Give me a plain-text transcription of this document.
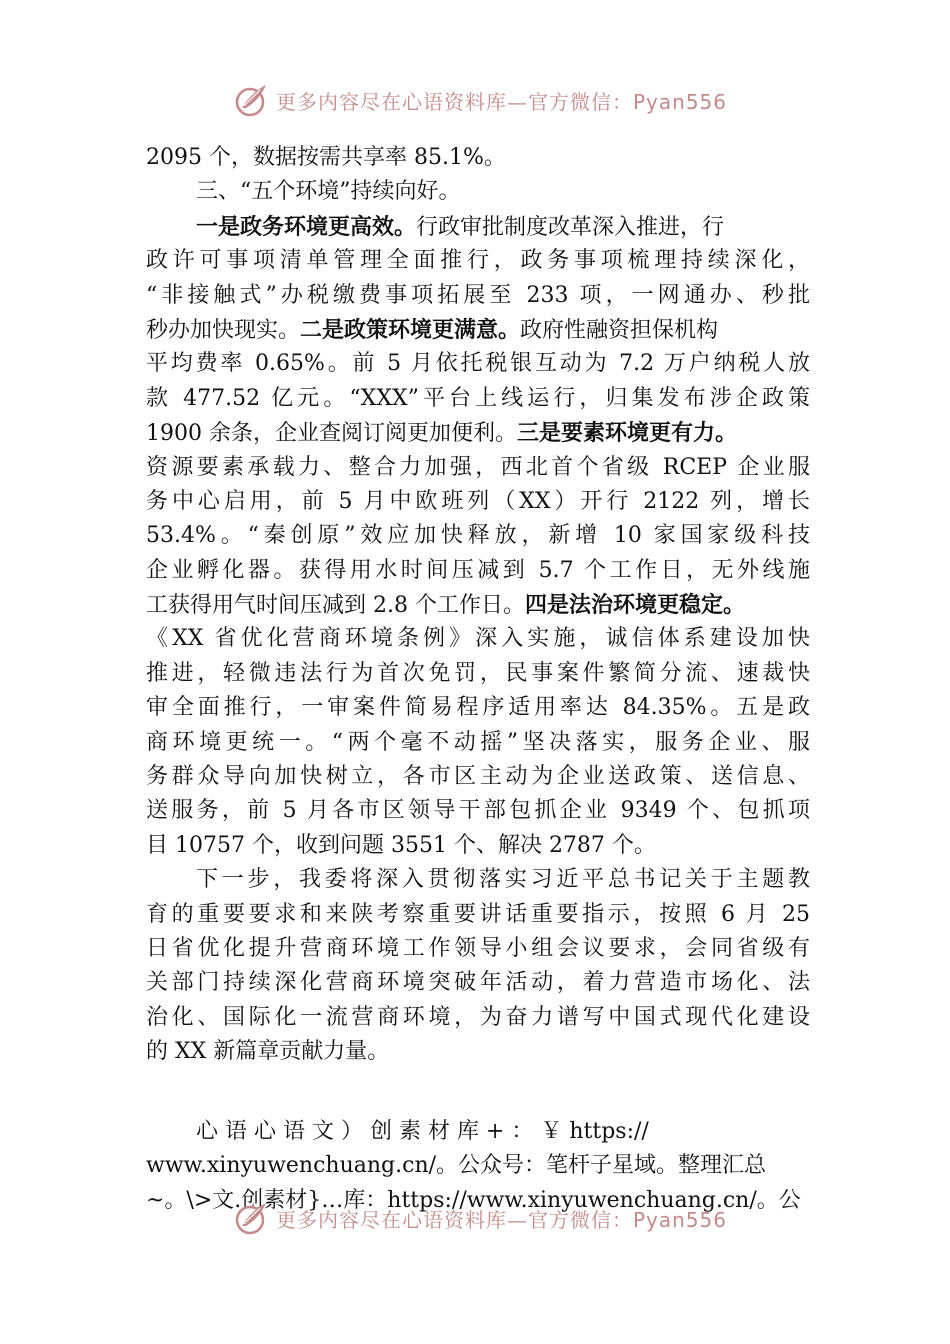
更多内容尽在心语资料库—官方微信：Pyan556
2095 个，数据按需共享率 85.1%。
三、“五个环境”持续向好。
一是政务环境更高效。行政审批制度改革深入推进，行
政许可事项清单管理全面推行，政务事项梳理持续深化，
“非接触式”办税缴费事项拓展至 233 项，一网通办、秒批
秒办加快现实。二是政策环境更满意。政府性融资担保机构
平均费率 0.65%。前 5 月依托税银互动为 7.2 万户纳税人放
款 477.52 亿元。“XXX”平台上线运行，归集发布涉企政策
1900 余条，企业查阅订阅更加便利。三是要素环境更有力。
资源要素承载力、整合力加强，西北首个省级 RCEP 企业服
务中心启用，前 5 月中欧班列（XX）开行 2122 列，增长
53.4%。“秦创原”效应加快释放，新增 10 家国家级科技
企业孵化器。获得用水时间压减到 5.7 个工作日，无外线施
工获得用气时间压减到 2.8 个工作日。四是法治环境更稳定。
《XX 省优化营商环境条例》深入实施，诚信体系建设加快
推进，轻微违法行为首次免罚，民事案件繁简分流、速裁快
审全面推行，一审案件简易程序适用率达 84.35%。五是政
商环境更统一。“两个毫不动摇”坚决落实，服务企业、服
务群众导向加快树立，各市区主动为企业送政策、送信息、
送服务，前 5 月各市区领导干部包抓企业 9349 个、包抓项
目 10757 个，收到问题 3551 个、解决 2787 个。
下一步，我委将深入贯彻落实习近平总书记关于主题教
育的重要要求和来陕考察重要讲话重要指示，按照 6 月 25
日省优化提升营商环境工作领导小组会议要求，会同省级有
关部门持续深化营商环境突破年活动，着力营造市场化、法
治化、国际化一流营商环境，为奋力谱写中国式现代化建设
的 XX 新篇章贡献力量。
心 语 心 语 文 ） 创 素 材 库 + ： ￥ https://
www.xinyuwenchuang.cn/。公众号：笔杆子星域。整理汇总
~。\>文.创素材}…库：https://www.xinyuwenchuang.cn/。公
更多内容尽在心语资料库—官方微信：Pyan556
